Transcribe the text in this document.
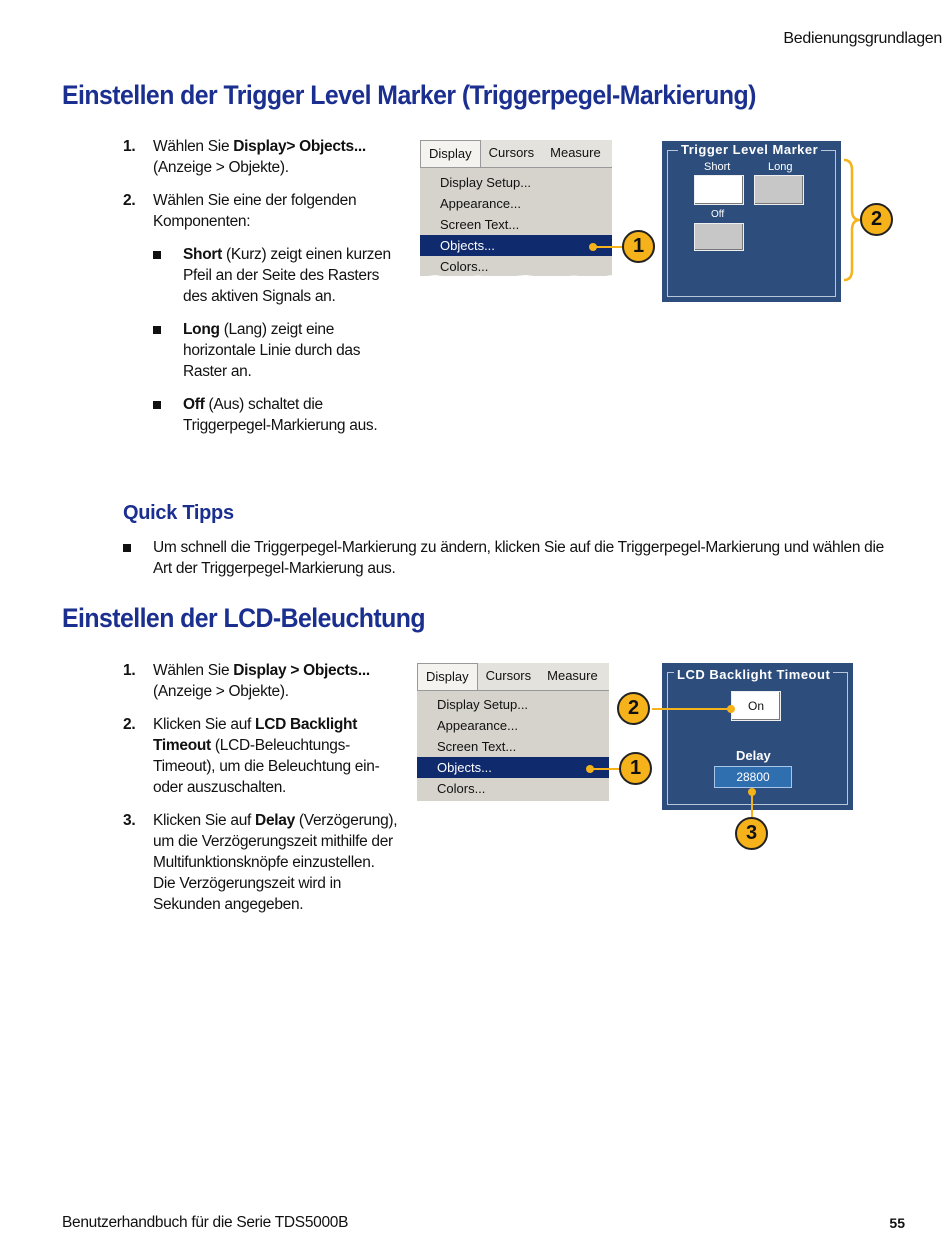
Bedienungsgrundlagen
Einstellen der Trigger Level Marker (Triggerpegel-Markierung)
1.	Wählen Sie Display> Objects... (Anzeige > Objekte).
2.	Wählen Sie eine der folgenden Komponenten:
Short (Kurz) zeigt einen kurzen Pfeil an der Seite des Rasters des aktiven Signals an.
Long (Lang) zeigt eine horizontale Linie durch das Raster an.
Off (Aus) schaltet die Triggerpegel-Markierung aus.
Display	Cursors	Measure
Display Setup...
Appearance...
Screen Text...
Objects...
Colors...
1
Trigger Level Marker
Short	Long
Off	2
Quick Tipps
Um schnell die Triggerpegel-Markierung zu ändern, klicken Sie auf die Triggerpegel-Markierung und wählen die Art der Triggerpegel-Markierung aus.
Einstellen der LCD-Beleuchtung
1.	Wählen Sie Display > Objects... (Anzeige > Objekte).
2.	Klicken Sie auf LCD Backlight Timeout (LCD-Beleuchtungs-Timeout), um die Beleuchtung ein- oder auszuschalten.
3.	Klicken Sie auf Delay (Verzögerung), um die Verzögerungszeit mithilfe der Multifunktionsknöpfe einzustellen. Die Verzögerungszeit wird in Sekunden angegeben.
Display	Cursors	Measure
Display Setup...
Appearance...
Screen Text...
Objects...
Colors...
1
LCD Backlight Timeout
On
Delay
28800
2
3
Benutzerhandbuch für die Serie TDS5000B	55
